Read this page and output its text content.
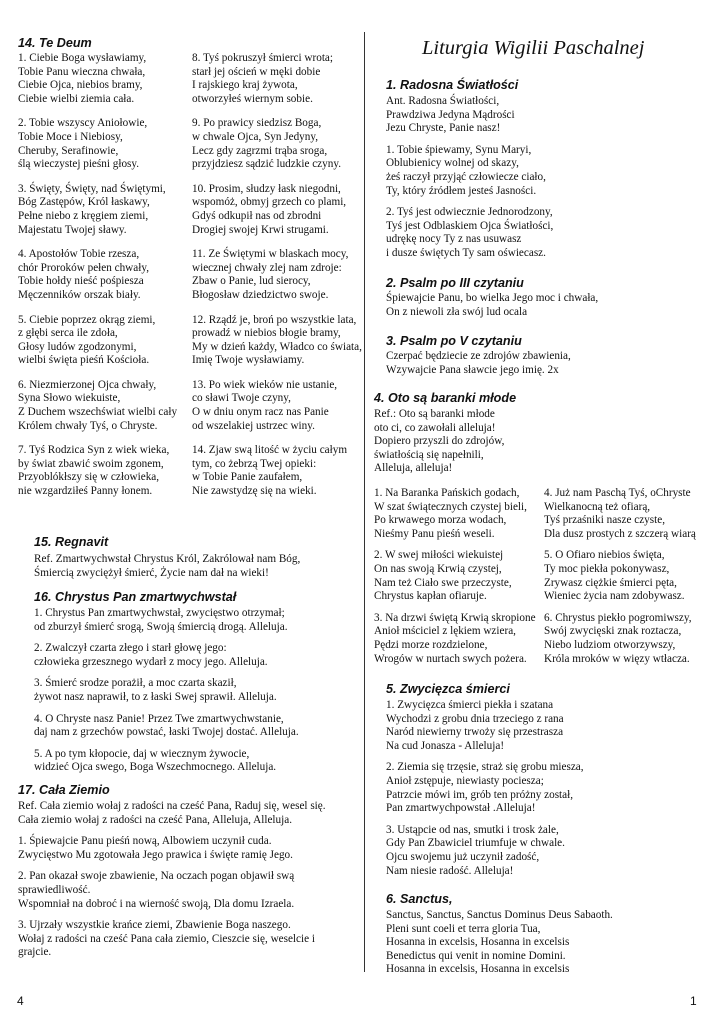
14. Te Deum
1. Ciebie Boga wysławiamy,
Tobie Panu wieczna chwała,
Ciebie Ojca, niebios bramy,
Ciebie wielbi ziemia cała.
2. Tobie wszyscy Aniołowie,
Tobie Moce i Niebiosy,
Cheruby, Serafinowie,
ślą wieczystej pieśni głosy.
3. Święty, Święty, nad Świętymi,
Bóg Zastępów, Król łaskawy,
Pełne niebo z kręgiem ziemi,
Majestatu Twojej sławy.
4. Apostołów Tobie rzesza,
chór Proroków pełen chwały,
Tobie hołdy nieść pośpiesza
Męczenników orszak biały.
5. Ciebie poprzez okrąg ziemi,
z głębi serca ile zdoła,
Głosy ludów zgodzonymi,
wielbi święta pieśń Kościoła.
6. Niezmierzonej Ojca chwały,
Syna Słowo wiekuiste,
Z Duchem wszechświat wielbi cały
Królem chwały Tyś, o Chryste.
7. Tyś Rodzica Syn z wiek wieka,
by świat zbawić swoim zgonem,
Przyoblókłszy się w człowieka,
nie wzgardziłeś Panny łonem.
8. Tyś pokruszył śmierci wrota;
starł jej oścień w męki dobie
I rajskiego kraj żywota,
otworzyłeś wiernym sobie.
9. Po prawicy siedzisz Boga,
w chwale Ojca, Syn Jedyny,
Lecz gdy zagrzmi trąba sroga,
przyjdziesz sądzić ludzkie czyny.
10. Prosim, słudzy łask niegodni,
wspomóż, obmyj grzech co plami,
Gdyś odkupił nas od zbrodni
Drogiej swojej Krwi strugami.
11. Ze Świętymi w blaskach mocy,
wiecznej chwały zlej nam zdroje:
Zbaw o Panie, lud sierocy,
Błogosław dziedzictwo swoje.
12. Rządź je, broń po wszystkie lata,
prowadź w niebios błogie bramy,
My w dzień każdy, Władco co świata,
Imię Twoje wysławiamy.
13. Po wiek wieków nie ustanie,
co sławi Twoje czyny,
O w dniu onym racz nas Panie
od wszelakiej ustrzec winy.
14. Zjaw swą litość w życiu całym
tym, co żebrzą Twej opieki:
w Tobie Panie zaufałem,
Nie zawstydzę się na wieki.
15. Regnavit
Ref. Zmartwychwstał Chrystus Król, Zakrólował nam Bóg,
Śmiercią zwyciężył śmierć, Życie nam dał na wieki!
16. Chrystus Pan zmartwychwstał
1. Chrystus Pan zmartwychwstał, zwycięstwo otrzymał;
od zburzył śmierć srogą, Swoją śmiercią drogą. Alleluja.
2. Zwalczył czarta złego i starł głowę jego:
człowieka grzesznego wydarł z mocy jego. Alleluja.
3. Śmierć srodze porażił, a moc czarta skaził,
żywot nasz naprawił, to z łaski Swej sprawił. Alleluja.
4. O Chryste nasz Panie! Przez Twe zmartwychwstanie,
daj nam z grzechów powstać, łaski Twojej dostać. Alleluja.
5. A po tym kłopocie, daj w wiecznym żywocie,
widzieć Ojca swego, Boga Wszechmocnego. Alleluja.
17. Cała Ziemio
Ref. Cała ziemio wołaj z radości na cześć Pana, Raduj się, wesel się.
Cała ziemio wołaj z radości na cześć Pana, Alleluja, Alleluja.
1. Śpiewajcie Panu pieśń nową, Albowiem uczynił cuda.
Zwycięstwo Mu zgotowała Jego prawica i święte ramię Jego.
2. Pan okazał swoje zbawienie, Na oczach pogan objawił swą
sprawiedliwość.
Wspomniał na dobroć i na wierność swoją, Dla domu Izraela.
3. Ujrzały wszystkie krańce ziemi, Zbawienie Boga naszego.
Wołaj z radości na cześć Pana cała ziemio, Cieszcie się, weselcie i
grajcie.
Liturgia Wigilii Paschalnej
1. Radosna Światłości
Ant. Radosna Światłości,
Prawdziwa Jedyna Mądrości
Jezu Chryste, Panie nasz!
1. Tobie śpiewamy, Synu Maryi,
Oblubienicy wolnej od skazy,
żeś raczył przyjąć człowiecze ciało,
Ty, który źródłem jesteś Jasności.
2. Tyś jest odwiecznie Jednorodzony,
Tyś jest Odblaskiem Ojca Światłości,
udrękę nocy Ty z nas usuwasz
i dusze świętych Ty sam oświecasz.
2. Psalm po III czytaniu
Śpiewajcie Panu, bo wielka Jego moc i chwała,
On z niewoli zła swój lud ocala
3. Psalm po V czytaniu
Czerpać będziecie ze zdrojów zbawienia,
Wzywajcie Pana sławcie jego imię. 2x
4. Oto są baranki młode
Ref.: Oto są baranki młode
oto ci, co zawołali alleluja!
Dopiero przyszli do zdrojów,
światłością się napełnili,
Alleluja, alleluja!
1. Na Baranka Pańskich godach,
W szat świątecznych czystej bieli,
Po krwawego morza wodach,
Nieśmy Panu pieśń weseli.
2. W swej miłości wiekuistej
On nas swoją Krwią czystej,
Nam też Ciało swe przeczyste,
Chrystus kapłan ofiaruje.
3. Na drzwi świętą Krwią skropione
Anioł mściciel z lękiem wziera,
Pędzi morze rozdzielone,
Wrogów w nurtach swych pożera.
4. Już nam Paschą Tyś, oChryste
Wielkanocną też ofiarą,
Tyś przaśniki nasze czyste,
Dla dusz prostych z szczerą wiarą
5. O Ofiaro niebios święta,
Ty moc piekła pokonywasz,
Zrywasz ciężkie śmierci pęta,
Wieniec życia nam zdobywasz.
6. Chrystus piekło pogromiwszy,
Swój zwycięski znak roztacza,
Niebo ludziom otworzywszy,
Króla mroków w więzy wtłacza.
5. Zwycięzca śmierci
1. Zwycięzca śmierci piekła i szatana
Wychodzi z grobu dnia trzeciego z rana
Naród niewierny trwoży się przestrasza
Na cud Jonasza - Alleluja!
2. Ziemia się trzęsie, straż się grobu miesza,
Anioł zstępuje, niewiasty pociesza;
Patrzcie mówi im, grób ten próżny został,
Pan zmartwychpowstał .Alleluja!
3. Ustąpcie od nas, smutki i trosk żale,
Gdy Pan Zbawiciel triumfuje w chwale.
Ojcu swojemu już uczynił zadość,
Nam niesie radość. Alleluja!
6. Sanctus,
Sanctus, Sanctus, Sanctus Dominus Deus Sabaoth.
Pleni sunt coeli et terra gloria Tua,
Hosanna in excelsis, Hosanna in excelsis
Benedictus qui venit in nomine Domini.
Hosanna in excelsis, Hosanna in excelsis
4	1
